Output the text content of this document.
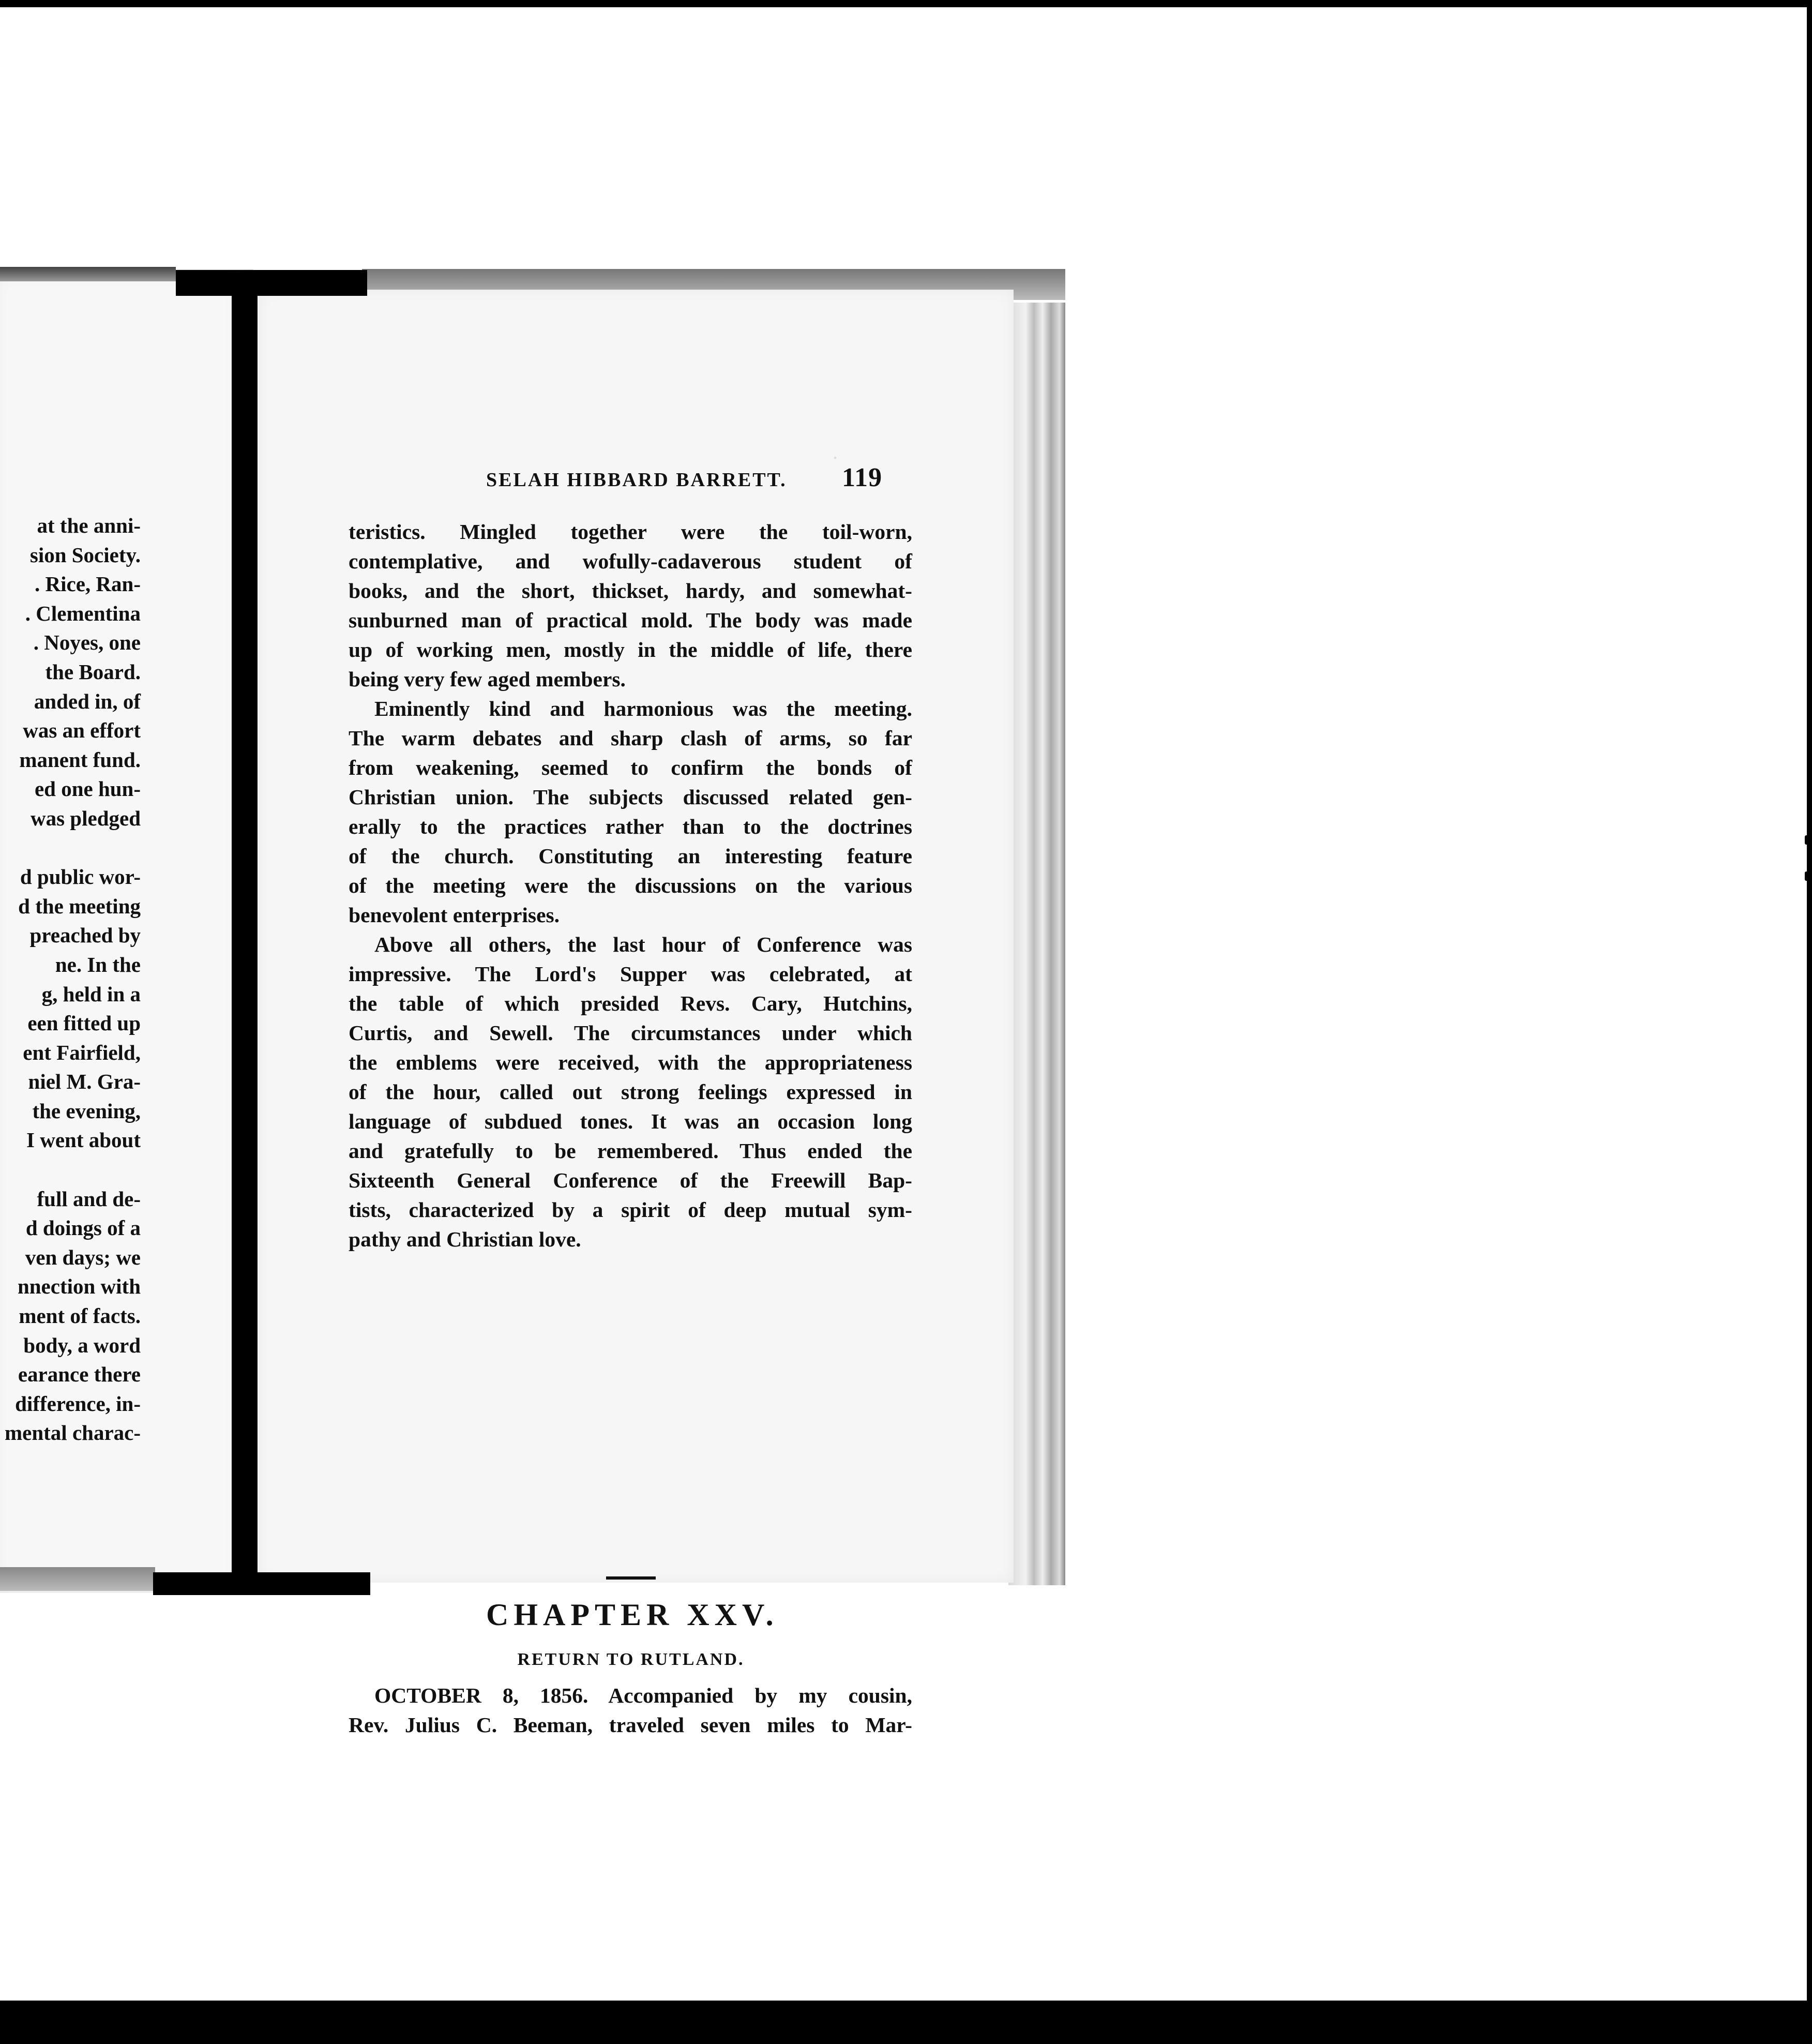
at the anni-
sion Society.
. Rice, Ran-
. Clementina
. Noyes, one
the Board.
anded in, of
was an effort
manent fund.
ed one hun-
was pledged
d public wor-
d the meeting
preached by
ne. In the
g, held in a
een fitted up
ent Fairfield,
niel M. Gra-
the evening,
I went about
full and de-
d doings of a
ven days; we
nnection with
ment of facts.
body, a word
earance there
difference, in-
mental charac-
.
SELAH HIBBARD BARRETT. 119
teristics. Mingled together were the toil-worn,
contemplative, and wofully-cadaverous student of
books, and the short, thickset, hardy, and somewhat-
sunburned man of practical mold. The body was made
up of working men, mostly in the middle of life, there
being very few aged members.
Eminently kind and harmonious was the meeting.
The warm debates and sharp clash of arms, so far
from weakening, seemed to confirm the bonds of
Christian union. The subjects discussed related gen-
erally to the practices rather than to the doctrines
of the church. Constituting an interesting feature
of the meeting were the discussions on the various
benevolent enterprises.
Above all others, the last hour of Conference was
impressive. The Lord's Supper was celebrated, at
the table of which presided Revs. Cary, Hutchins,
Curtis, and Sewell. The circumstances under which
the emblems were received, with the appropriateness
of the hour, called out strong feelings expressed in
language of subdued tones. It was an occasion long
and gratefully to be remembered. Thus ended the
Sixteenth General Conference of the Freewill Bap-
tists, characterized by a spirit of deep mutual sym-
pathy and Christian love.
CHAPTER XXV.
RETURN TO RUTLAND.
OCTOBER 8, 1856. Accompanied by my cousin,
Rev. Julius C. Beeman, traveled seven miles to Mar-
